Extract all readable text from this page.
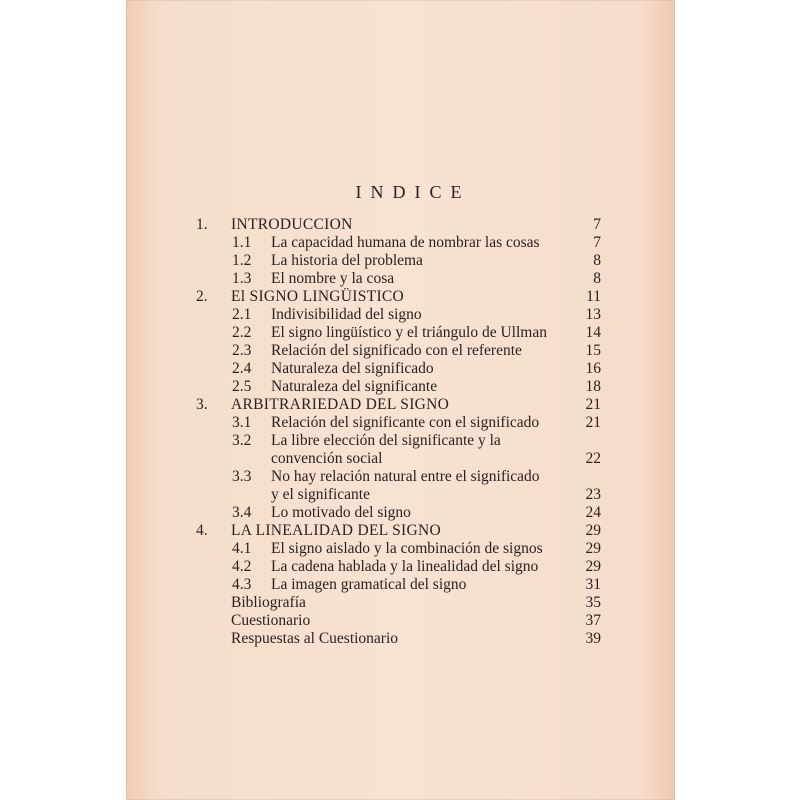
INDICE
1.	INTRODUCCION	7
1.1	La capacidad humana de nombrar las cosas	7
1.2	La historia del problema	8
1.3	El nombre y la cosa	8
2.	El SIGNO LINGÜISTICO	11
2.1	Indivisibilidad del signo	13
2.2	El signo lingüístico y el triángulo de Ullman	14
2.3	Relación del significado con el referente	15
2.4	Naturaleza del significado	16
2.5	Naturaleza del significante	18
3.	ARBITRARIEDAD DEL SIGNO	21
3.1	Relación del significante con el significado	21
3.2	La libre elección del significante y la
convención social	22
3.3	No hay relación natural entre el significado
y el significante	23
3.4	Lo motivado del signo	24
4.	LA LINEALIDAD DEL SIGNO	29
4.1	El signo aislado y la combinación de signos	29
4.2	La cadena hablada y la linealidad del signo	29
4.3	La imagen gramatical del signo	31
Bibliografía	35
Cuestionario	37
Respuestas al Cuestionario	39
